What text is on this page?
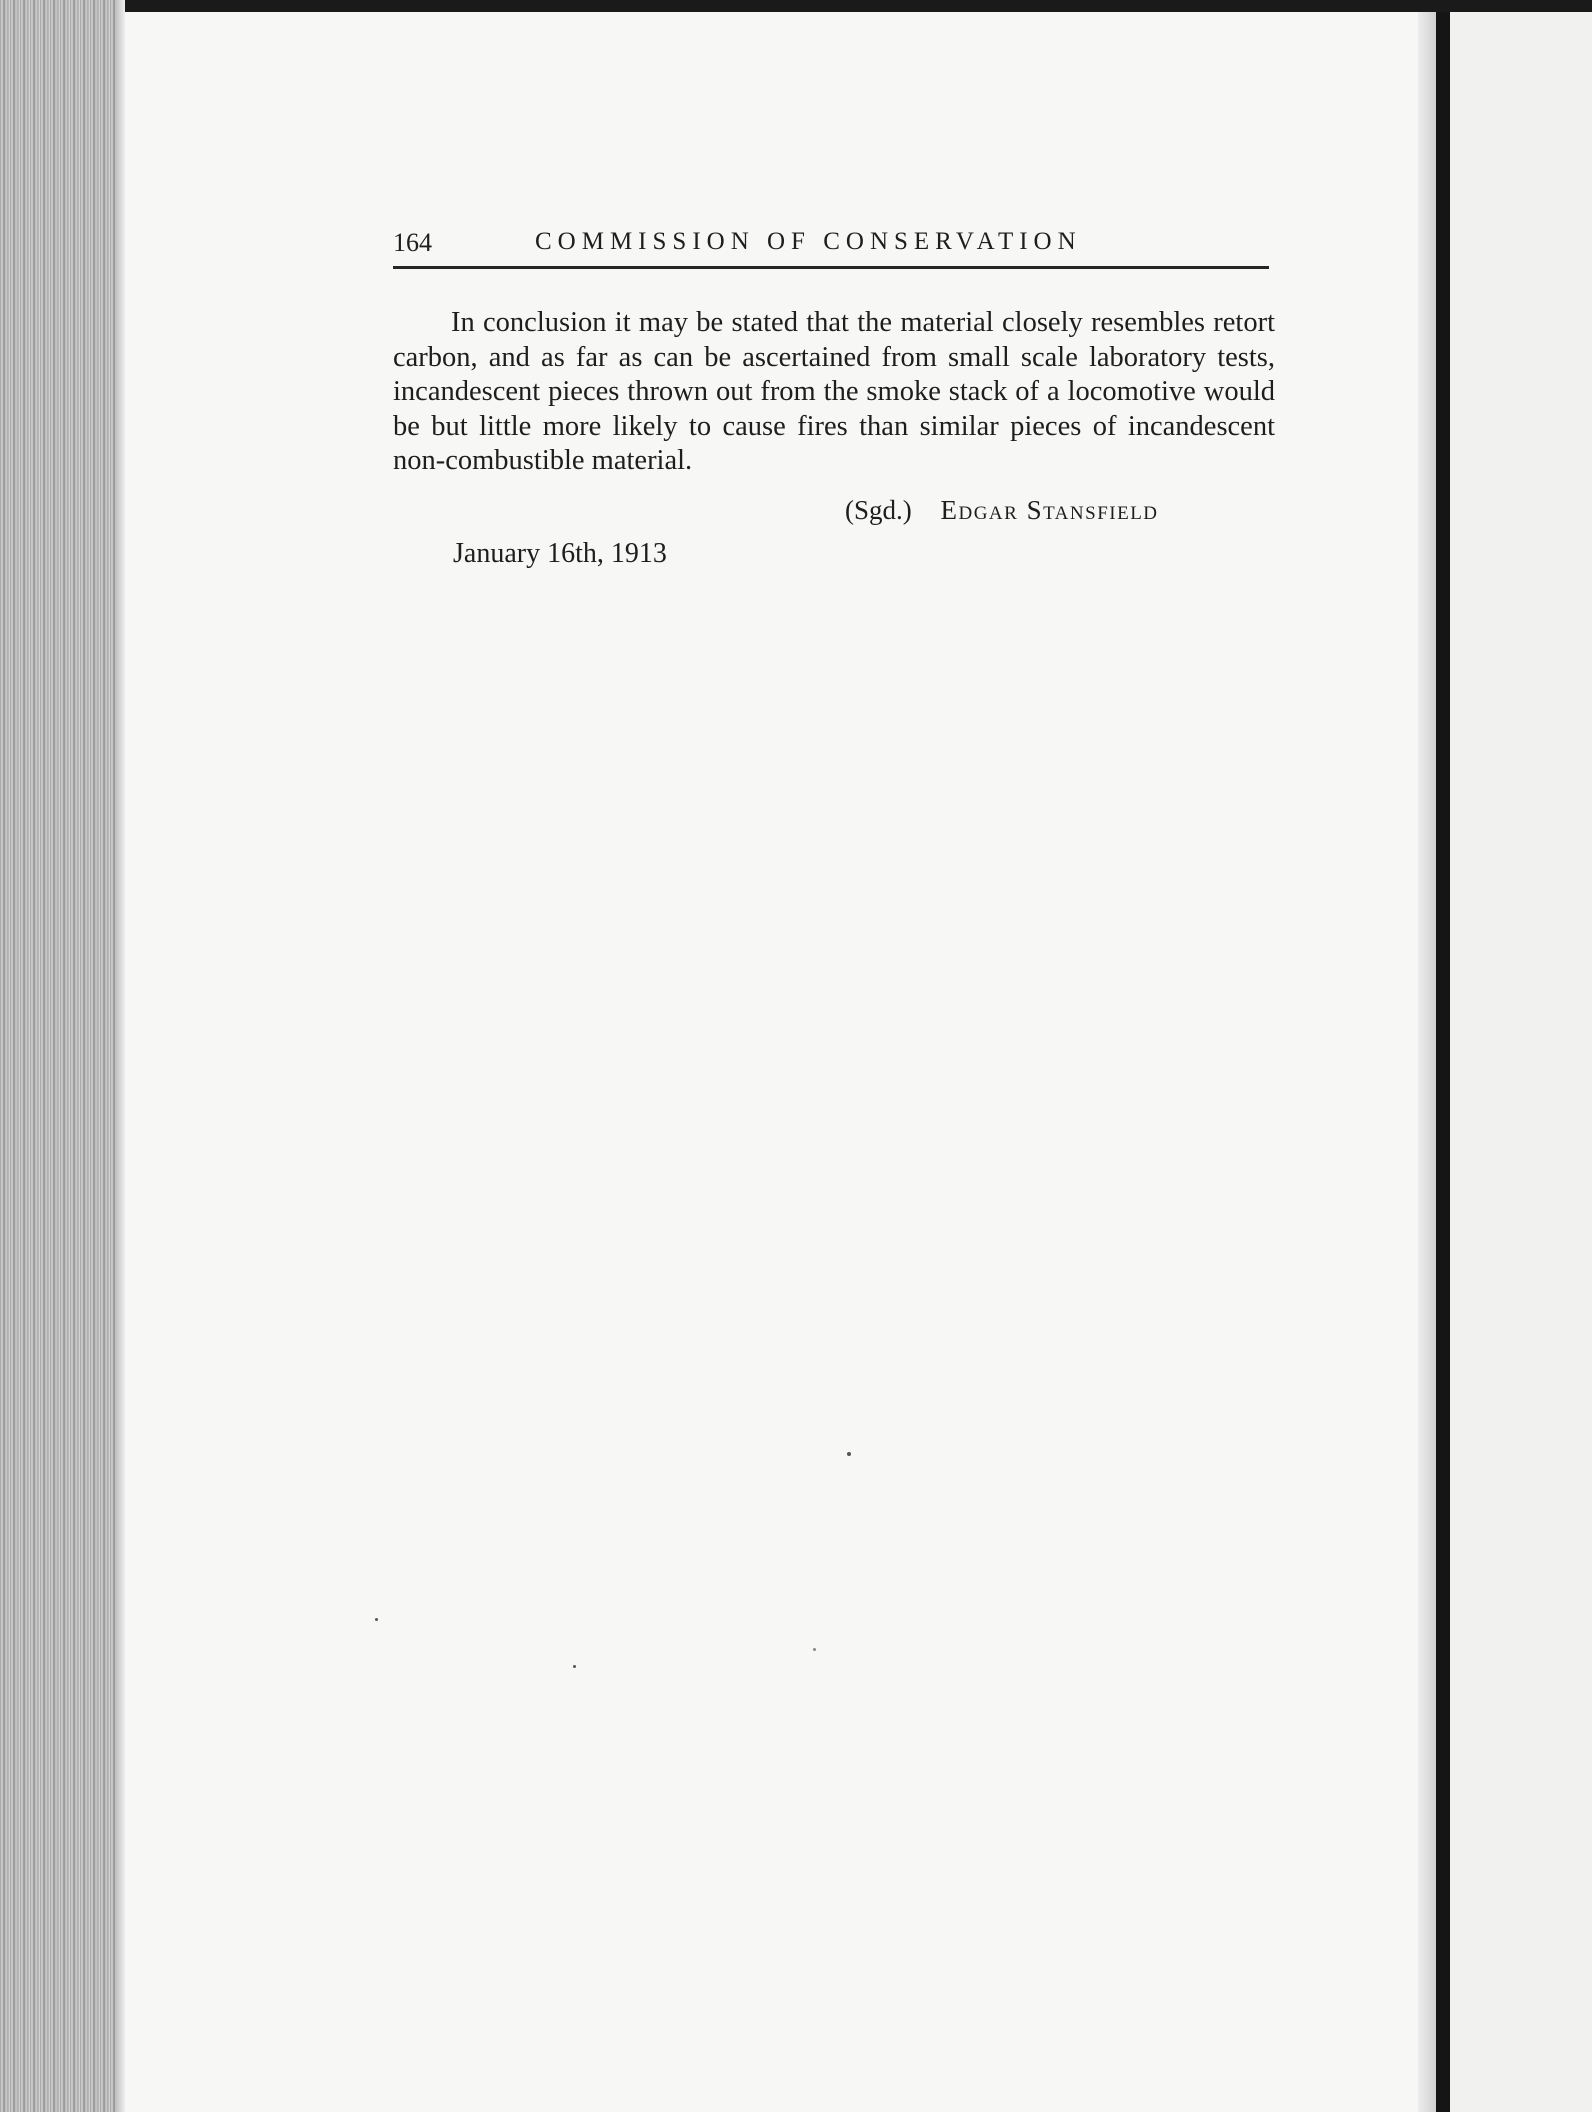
164	COMMISSION OF CONSERVATION

In conclusion it may be stated that the material closely resembles retort carbon, and as far as can be ascertained from small scale laboratory tests, incandescent pieces thrown out from the smoke stack of a locomotive would be but little more likely to cause fires than similar pieces of incandescent non-combustible material.

(Sgd.) Edgar Stansfield
January 16th, 1913
